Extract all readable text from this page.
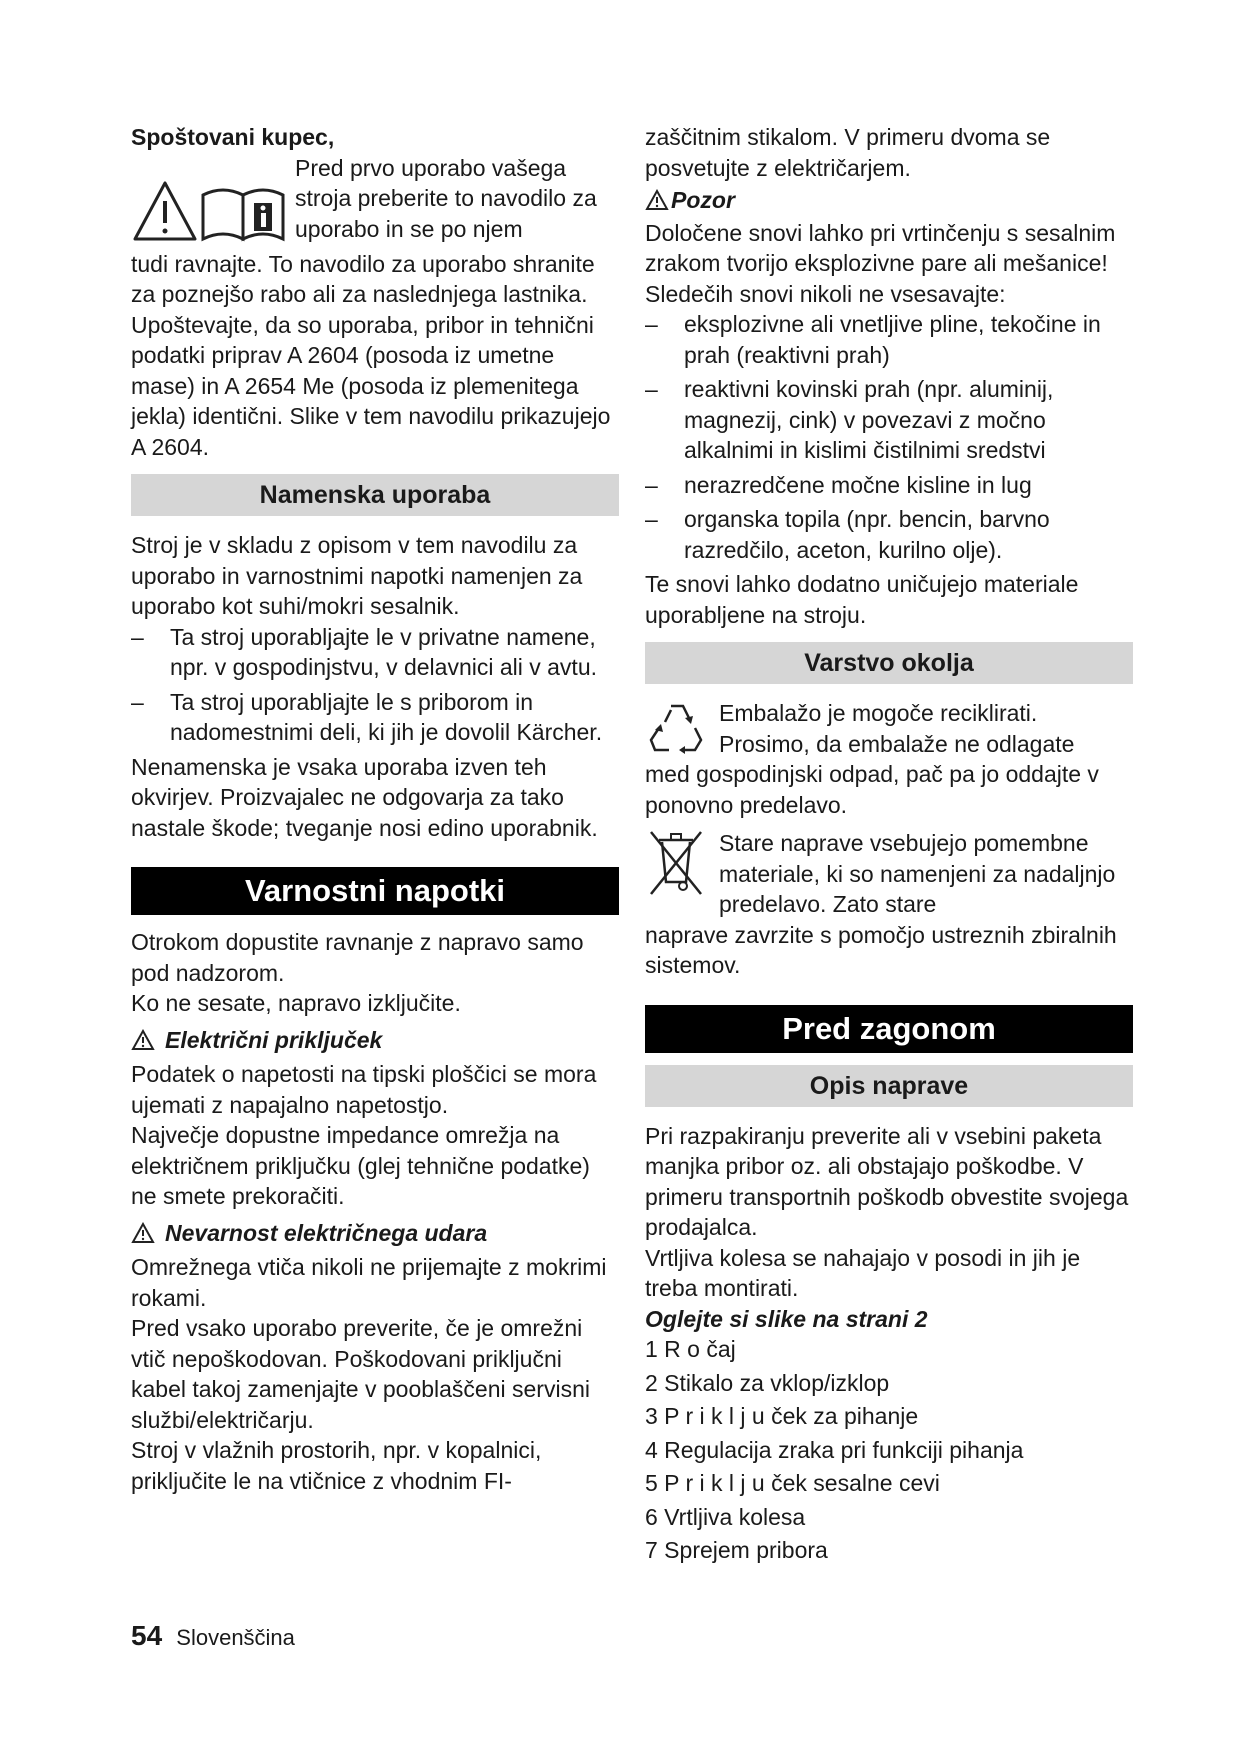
Spoštovani kupec,

Pred prvo uporabo vašega stroja preberite to navodilo za uporabo in se po njem

tudi ravnajte. To navodilo za uporabo shranite za poznejšo rabo ali za naslednjega lastnika.

Upoštevajte, da so uporaba, pribor in tehnični podatki priprav A 2604 (posoda iz umetne mase) in A 2654 Me (posoda iz plemenitega jekla) identični. Slike v tem navodilu prikazujejo A 2604.

Namenska uporaba

Stroj je v skladu z opisom v tem navodilu za uporabo in varnostnimi napotki namenjen za uporabo kot suhi/mokri sesalnik.

– Ta stroj uporabljajte le v privatne namene, npr. v gospodinjstvu, v delavnici ali v avtu.
– Ta stroj uporabljajte le s priborom in nadomestnimi deli, ki jih je dovolil Kärcher.

Nenamenska je vsaka uporaba izven teh okvirjev. Proizvajalec ne odgovarja za tako nastale škode; tveganje nosi edino uporabnik.

Varnostni napotki

Otrokom dopustite ravnanje z napravo samo pod nadzorom.

Ko ne sesate, napravo izključite.

Električni priključek

Podatek o napetosti na tipski ploščici se mora ujemati z napajalno napetostjo.

Največje dopustne impedance omrežja na električnem priključku (glej tehnične podatke) ne smete prekoračiti.

Nevarnost električnega udara

Omrežnega vtiča nikoli ne prijemajte z mokrimi rokami.

Pred vsako uporabo preverite, če je omrežni vtič nepoškodovan. Poškodovani priključni kabel takoj zamenjajte v pooblaščeni servisni službi/električarju.

Stroj v vlažnih prostorih, npr. v kopalnici, priključite le na vtičnice z vhodnim FI-

zaščitnim stikalom. V primeru dvoma se posvetujte z električarjem.

Pozor

Določene snovi lahko pri vrtinčenju s sesalnim zrakom tvorijo eksplozivne pare ali mešanice!

Sledečih snovi nikoli ne vsesavajte:

– eksplozivne ali vnetljive pline, tekočine in prah (reaktivni prah)
– reaktivni kovinski prah (npr. aluminij, magnezij, cink) v povezavi z močno alkalnimi in kislimi čistilnimi sredstvi
– nerazredčene močne kisline in lug
– organska topila (npr. bencin, barvno razredčilo, aceton, kurilno olje).

Te snovi lahko dodatno uničujejo materiale uporabljene na stroju.

Varstvo okolja

Embalažo je mogoče reciklirati. Prosimo, da embalaže ne odlagate

med gospodinjski odpad, pač pa jo oddajte v ponovno predelavo.

Stare naprave vsebujejo pomembne materiale, ki so namenjeni za nadaljnjo predelavo. Zato stare

naprave zavrzite s pomočjo ustreznih zbiralnih sistemov.

Pred zagonom
Opis naprave

Pri razpakiranju preverite ali v vsebini paketa manjka pribor oz. ali obstajajo poškodbe. V primeru transportnih poškodb obvestite svojega prodajalca.

Vrtljiva kolesa se nahajajo v posodi in jih je treba montirati.

Oglejte si slike na strani 2

1 R o čaj
2 Stikalo za vklop/izklop
3 P r i k l j u ček za pihanje
4 Regulacija zraka pri funkciji pihanja
5 P r i k l j u ček sesalne cevi
6 Vrtljiva kolesa
7 Sprejem pribora
54 Slovenščina
